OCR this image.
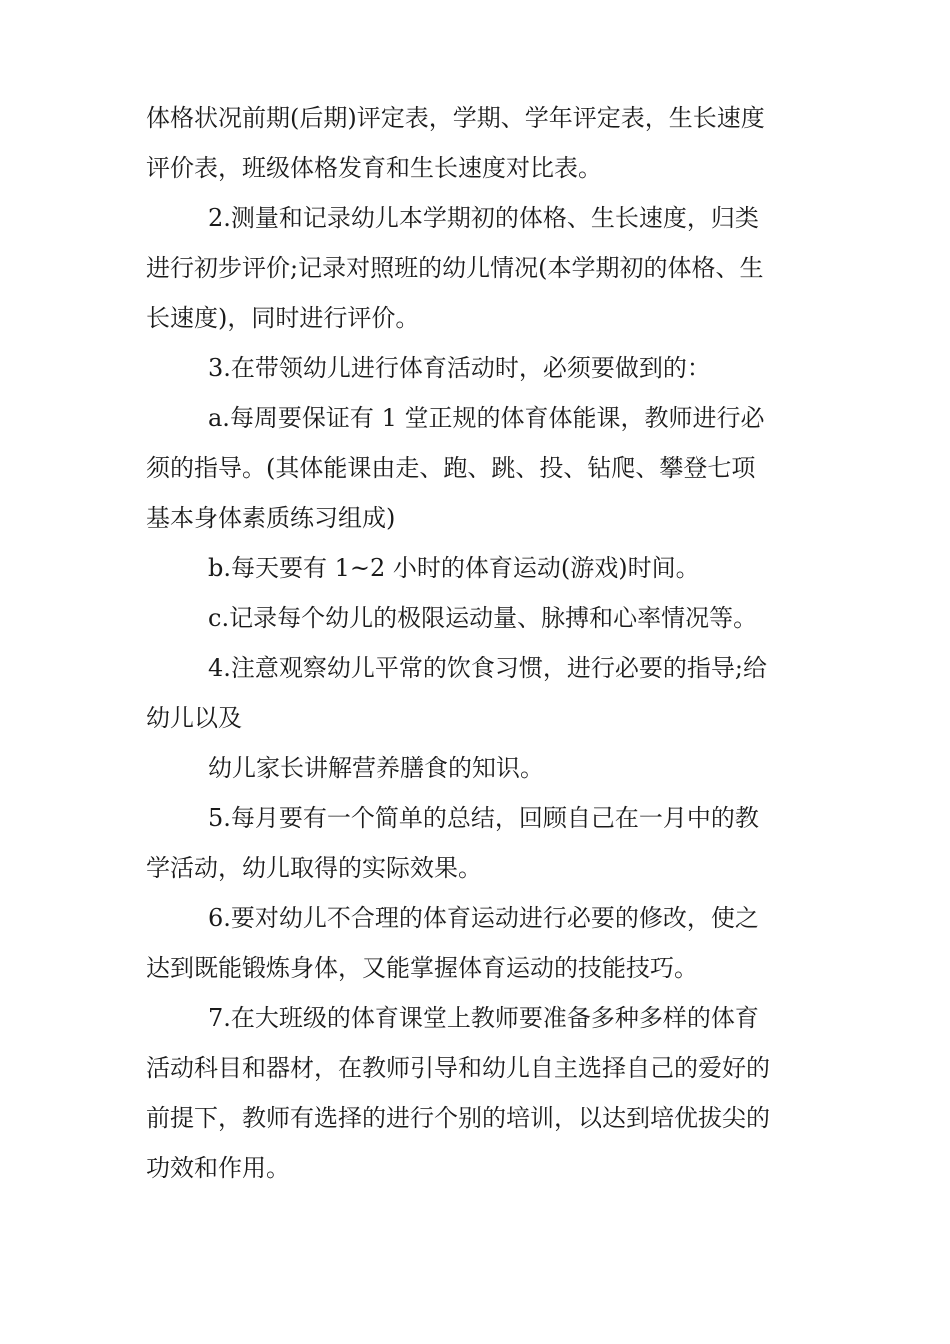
体格状况前期(后期)评定表，学期、学年评定表，生长速度
评价表，班级体格发育和生长速度对比表。
2.测量和记录幼儿本学期初的体格、生长速度，归类
进行初步评价;记录对照班的幼儿情况(本学期初的体格、生
长速度)，同时进行评价。
3.在带领幼儿进行体育活动时，必须要做到的：
a.每周要保证有 1 堂正规的体育体能课，教师进行必
须的指导。(其体能课由走、跑、跳、投、钻爬、攀登七项
基本身体素质练习组成)
b.每天要有 1~2 小时的体育运动(游戏)时间。
c.记录每个幼儿的极限运动量、脉搏和心率情况等。
4.注意观察幼儿平常的饮食习惯，进行必要的指导;给
幼儿以及
幼儿家长讲解营养膳食的知识。
5.每月要有一个简单的总结，回顾自己在一月中的教
学活动，幼儿取得的实际效果。
6.要对幼儿不合理的体育运动进行必要的修改，使之
达到既能锻炼身体，又能掌握体育运动的技能技巧。
7.在大班级的体育课堂上教师要准备多种多样的体育
活动科目和器材，在教师引导和幼儿自主选择自己的爱好的
前提下，教师有选择的进行个别的培训，以达到培优拔尖的
功效和作用。
